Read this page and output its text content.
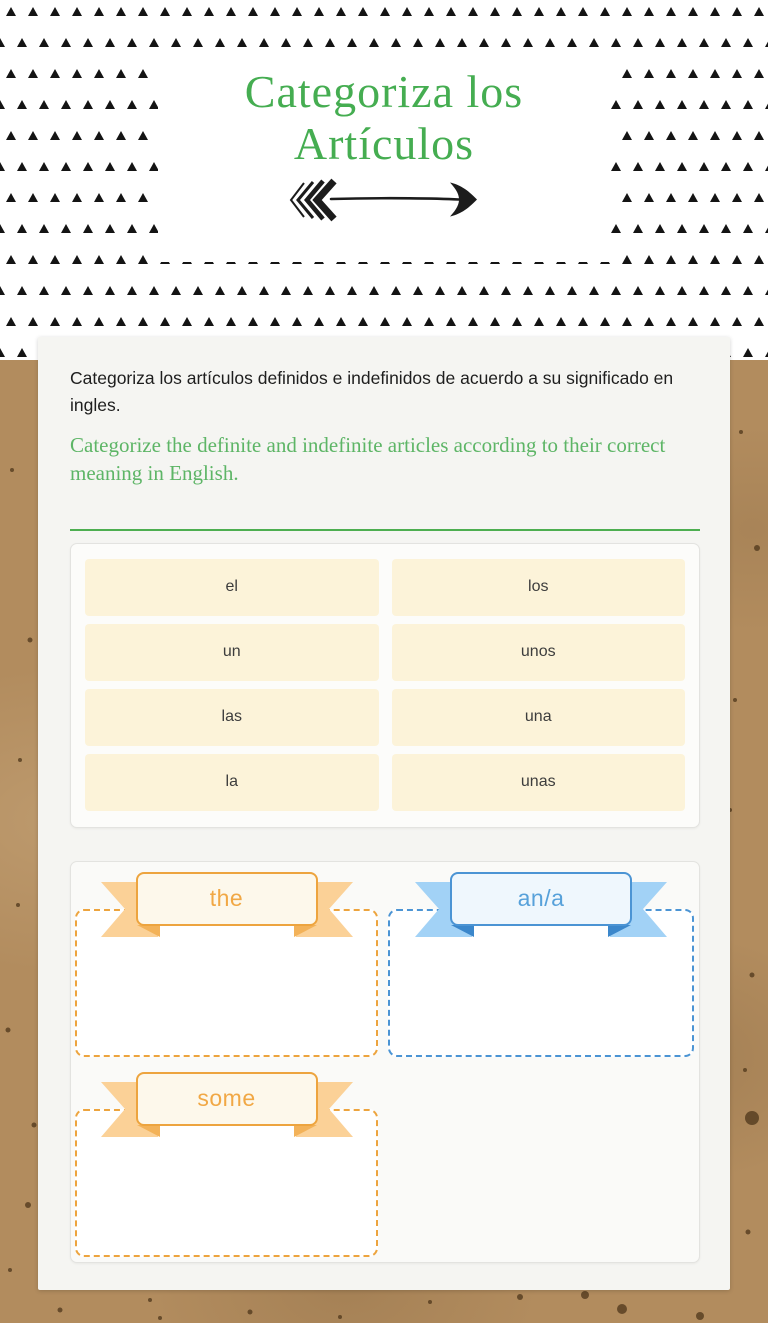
Categoriza los
Artículos

Categoriza los artículos definidos e indefinidos de acuerdo a su significado en ingles.

Categorize the definite and indefinite articles according to their correct meaning in English.

el	los
un	unos
las	una
la	unas
the	an/a
some
